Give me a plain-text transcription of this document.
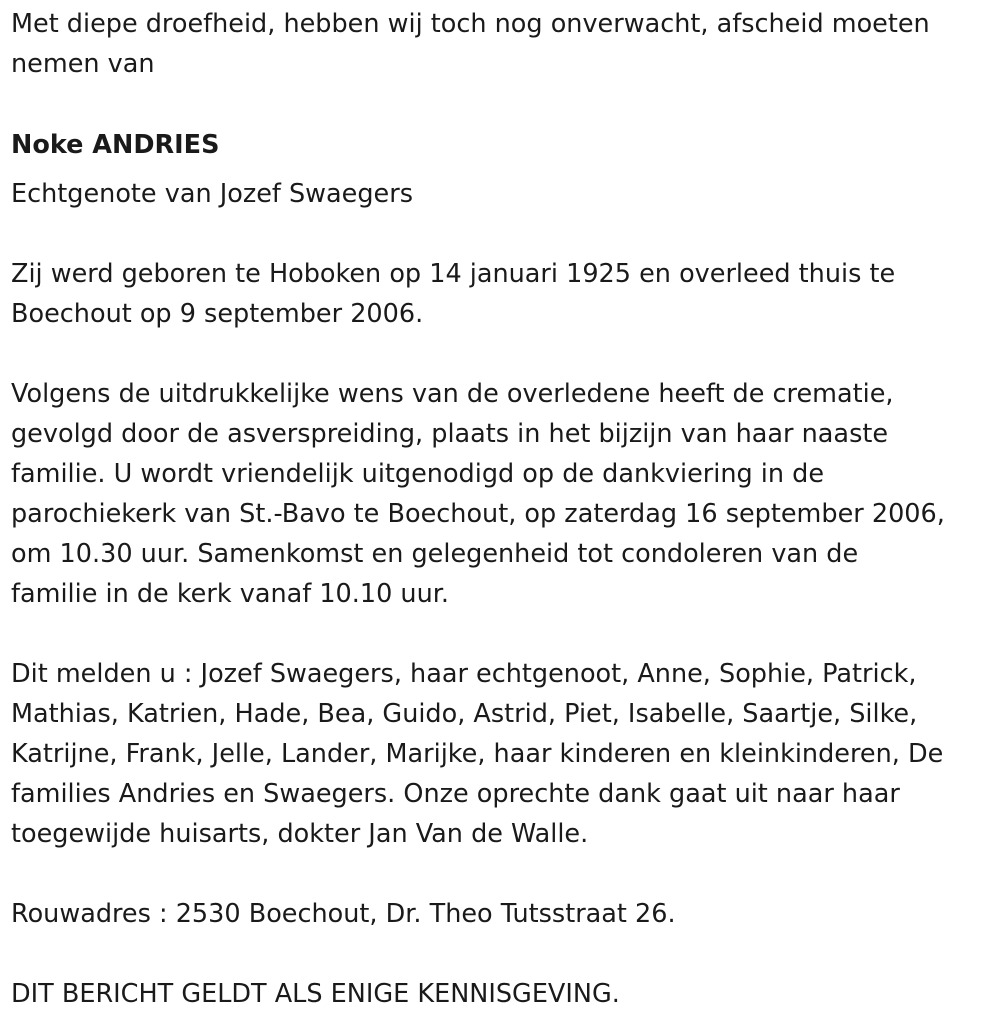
Met diepe droefheid, hebben wij toch nog onverwacht, afscheid moeten

nemen van

Noke ANDRIES

Echtgenote van Jozef Swaegers

Zij werd geboren te Hoboken op 14 januari 1925 en overleed thuis te

Boechout op 9 september 2006.

Volgens de uitdrukkelijke wens van de overledene heeft de crematie,

gevolgd door de asverspreiding, plaats in het bijzijn van haar naaste

familie. U wordt vriendelijk uitgenodigd op de dankviering in de

parochiekerk van St.-Bavo te Boechout, op zaterdag 16 september 2006,

om 10.30 uur. Samenkomst en gelegenheid tot condoleren van de

familie in de kerk vanaf 10.10 uur.

Dit melden u : Jozef Swaegers, haar echtgenoot, Anne, Sophie, Patrick,

Mathias, Katrien, Hade, Bea, Guido, Astrid, Piet, Isabelle, Saartje, Silke,

Katrijne, Frank, Jelle, Lander, Marijke, haar kinderen en kleinkinderen, De

families Andries en Swaegers. Onze oprechte dank gaat uit naar haar

toegewijde huisarts, dokter Jan Van de Walle.

Rouwadres : 2530 Boechout, Dr. Theo Tutsstraat 26.

DIT BERICHT GELDT ALS ENIGE KENNISGEVING.
